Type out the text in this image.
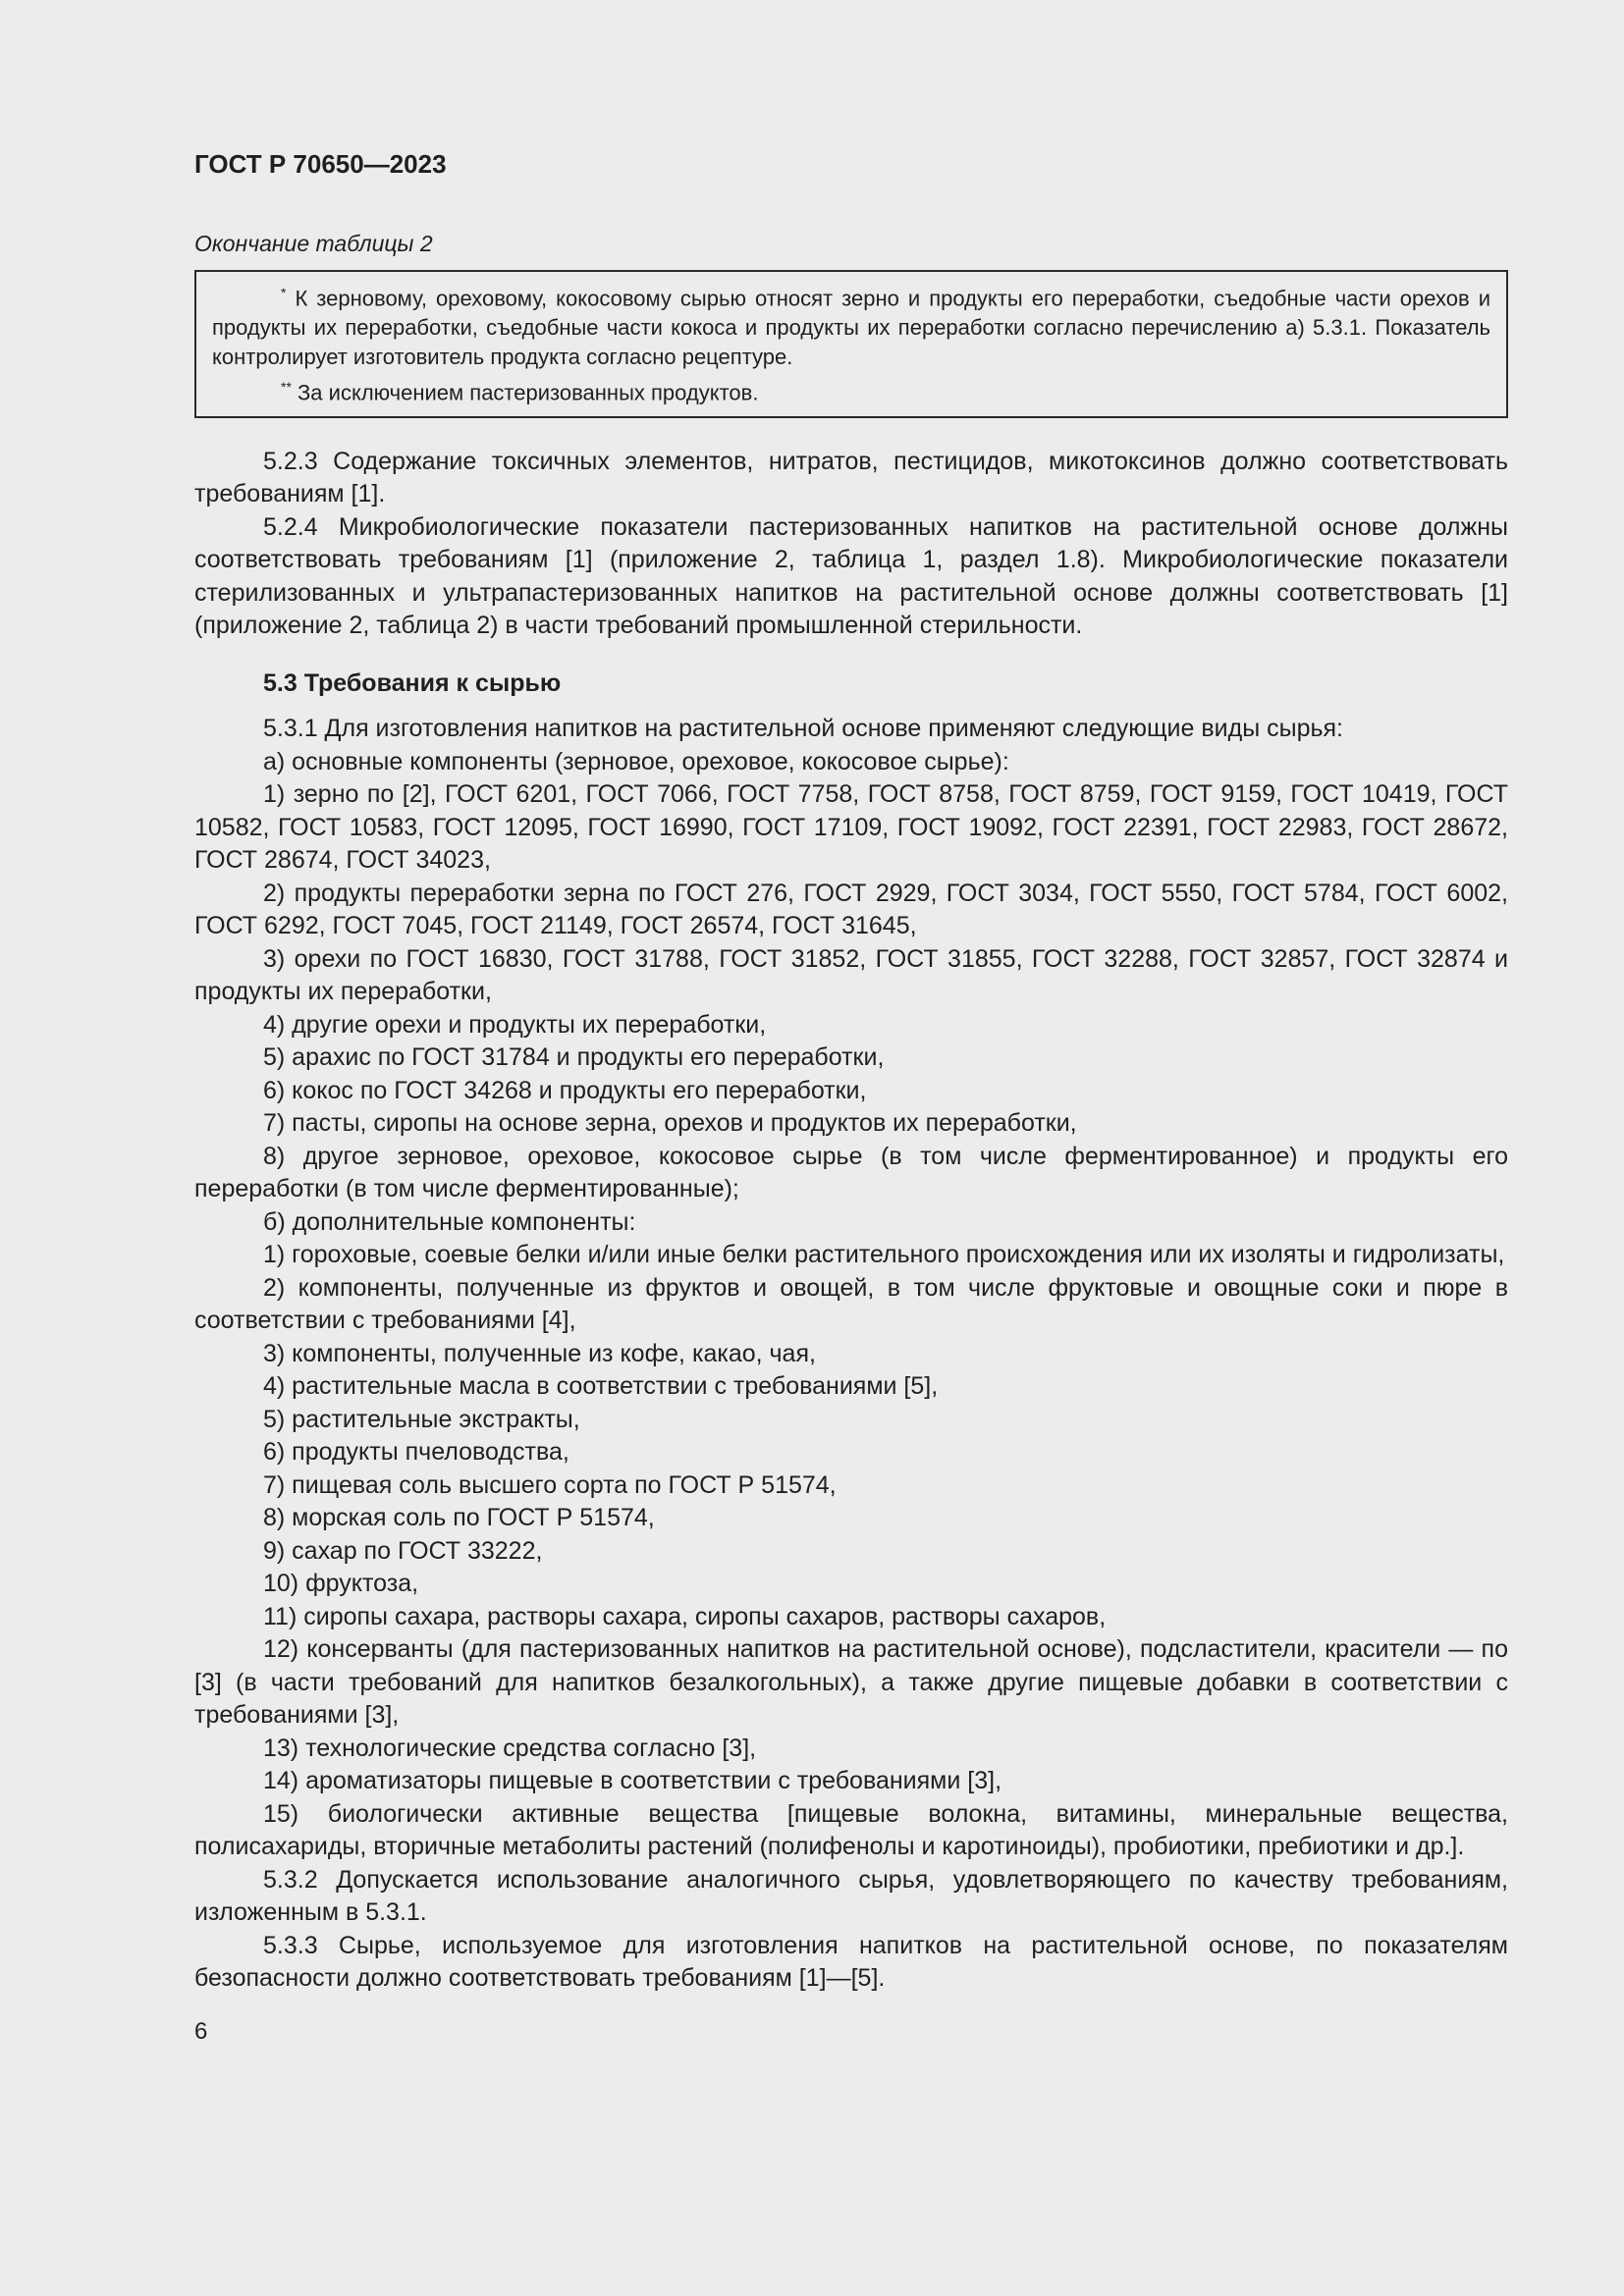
ГОСТ Р 70650—2023
Окончание таблицы 2

* К зерновому, ореховому, кокосовому сырью относят зерно и продукты его переработки, съедобные части орехов и продукты их переработки, съедобные части кокоса и продукты их переработки согласно перечислению а) 5.3.1. Показатель контролирует изготовитель продукта согласно рецептуре.

** За исключением пастеризованных продуктов.

5.2.3 Содержание токсичных элементов, нитратов, пестицидов, микотоксинов должно соответствовать требованиям [1].

5.2.4 Микробиологические показатели пастеризованных напитков на растительной основе должны соответствовать требованиям [1] (приложение 2, таблица 1, раздел 1.8). Микробиологические показатели стерилизованных и ультрапастеризованных напитков на растительной основе должны соответствовать [1] (приложение 2, таблица 2) в части требований промышленной стерильности.

5.3 Требования к сырью

5.3.1 Для изготовления напитков на растительной основе применяют следующие виды сырья:

а) основные компоненты (зерновое, ореховое, кокосовое сырье):

1) зерно по [2], ГОСТ 6201, ГОСТ 7066, ГОСТ 7758, ГОСТ 8758, ГОСТ 8759, ГОСТ 9159, ГОСТ 10419, ГОСТ 10582, ГОСТ 10583, ГОСТ 12095, ГОСТ 16990, ГОСТ 17109, ГОСТ 19092, ГОСТ 22391, ГОСТ 22983, ГОСТ 28672, ГОСТ 28674, ГОСТ 34023,

2) продукты переработки зерна по ГОСТ 276, ГОСТ 2929, ГОСТ 3034, ГОСТ 5550, ГОСТ 5784, ГОСТ 6002, ГОСТ 6292, ГОСТ 7045, ГОСТ 21149, ГОСТ 26574, ГОСТ 31645,

3) орехи по ГОСТ 16830, ГОСТ 31788, ГОСТ 31852, ГОСТ 31855, ГОСТ 32288, ГОСТ 32857, ГОСТ 32874 и продукты их переработки,

4) другие орехи и продукты их переработки,

5) арахис по ГОСТ 31784 и продукты его переработки,

6) кокос по ГОСТ 34268 и продукты его переработки,

7) пасты, сиропы на основе зерна, орехов и продуктов их переработки,

8) другое зерновое, ореховое, кокосовое сырье (в том числе ферментированное) и продукты его переработки (в том числе ферментированные);

б) дополнительные компоненты:

1) гороховые, соевые белки и/или иные белки растительного происхождения или их изоляты и гидролизаты,

2) компоненты, полученные из фруктов и овощей, в том числе фруктовые и овощные соки и пюре в соответствии с требованиями [4],

3) компоненты, полученные из кофе, какао, чая,

4) растительные масла в соответствии с требованиями [5],

5) растительные экстракты,

6) продукты пчеловодства,

7) пищевая соль высшего сорта по ГОСТ Р 51574,

8) морская соль по ГОСТ Р 51574,

9) сахар по ГОСТ 33222,

10) фруктоза,

11) сиропы сахара, растворы сахара, сиропы сахаров, растворы сахаров,

12) консерванты (для пастеризованных напитков на растительной основе), подсластители, красители — по [3] (в части требований для напитков безалкогольных), а также другие пищевые добавки в соответствии с требованиями [3],

13) технологические средства согласно [3],

14) ароматизаторы пищевые в соответствии с требованиями [3],

15) биологически активные вещества [пищевые волокна, витамины, минеральные вещества, полисахариды, вторичные метаболиты растений (полифенолы и каротиноиды), пробиотики, пребиотики и др.].

5.3.2 Допускается использование аналогичного сырья, удовлетворяющего по качеству требованиям, изложенным в 5.3.1.

5.3.3 Сырье, используемое для изготовления напитков на растительной основе, по показателям безопасности должно соответствовать требованиям [1]—[5].

6
